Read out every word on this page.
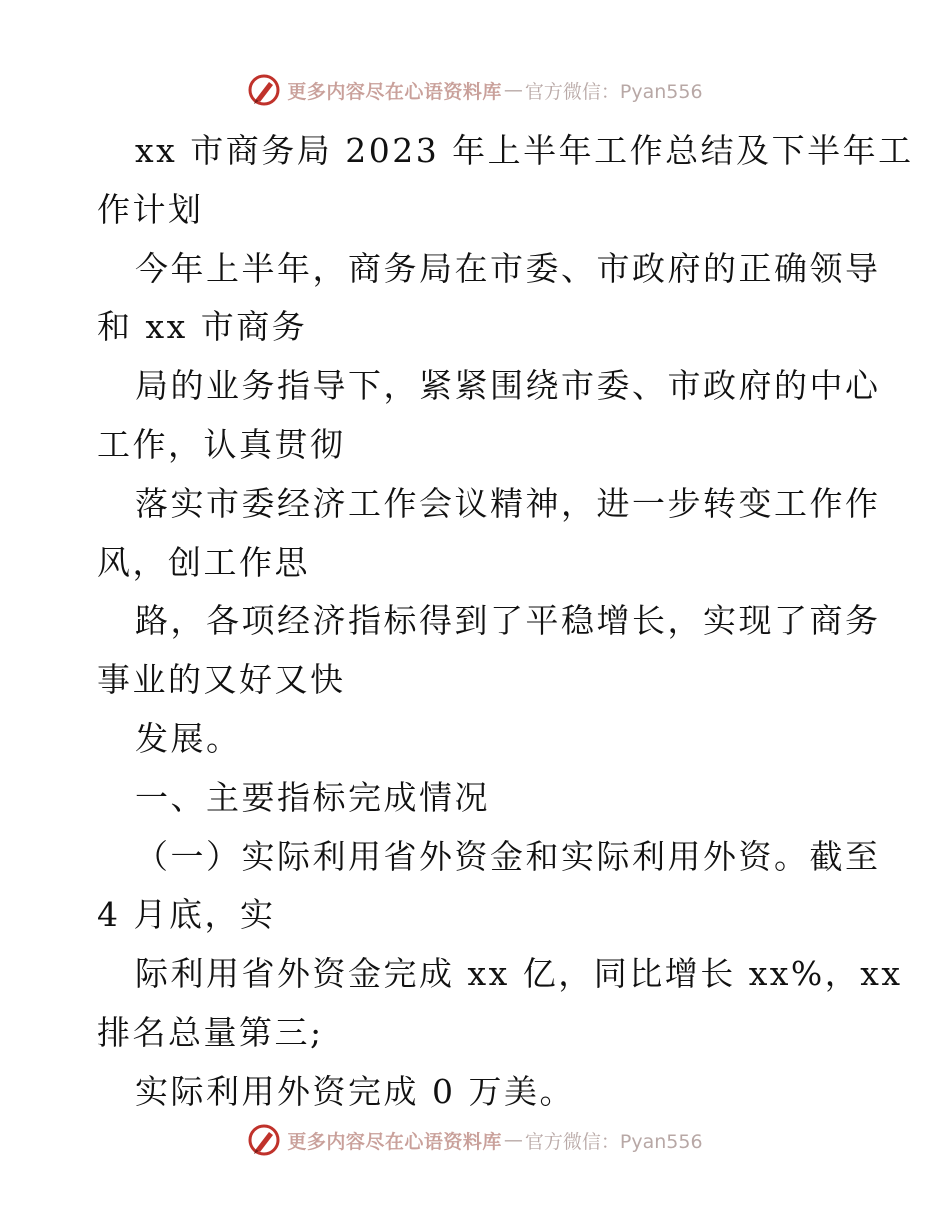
更多内容尽在心语资料库 — 官方微信：Pyan556
xx 市商务局 2023 年上半年工作总结及下半年工
作计划
今年上半年，商务局在市委、市政府的正确领导
和 xx 市商务
局的业务指导下，紧紧围绕市委、市政府的中心
工作，认真贯彻
落实市委经济工作会议精神，进一步转变工作作
风，创工作思
路，各项经济指标得到了平稳增长，实现了商务
事业的又好又快
发展。
一、主要指标完成情况
（一）实际利用省外资金和实际利用外资。截至
4 月底，实
际利用省外资金完成 xx 亿，同比增长 xx%，xx
排名总量第三;
实际利用外资完成 0 万美。
更多内容尽在心语资料库 — 官方微信：Pyan556
